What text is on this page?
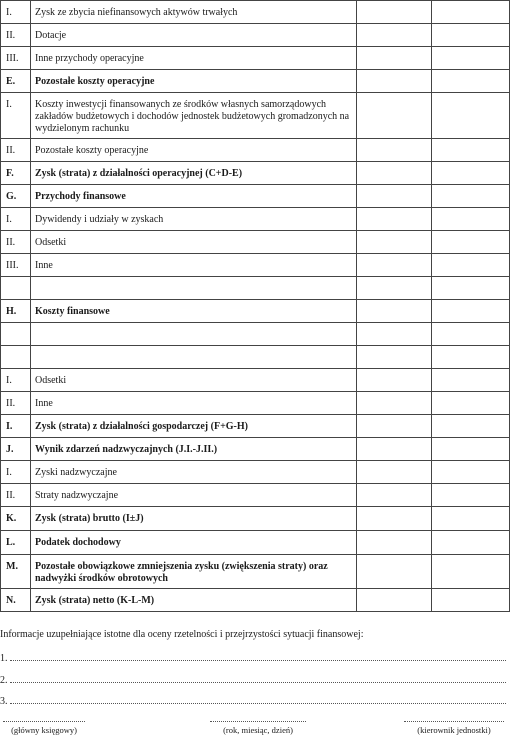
I.	Zysk ze zbycia niefinansowych aktywów trwałych		
II.	Dotacje		
III.	Inne przychody operacyjne		
E.	Pozostałe koszty operacyjne		
I.	Koszty inwestycji finansowanych ze środków własnych samorządowych zakładów budżetowych i dochodów jednostek budżetowych gromadzonych na wydzielonym rachunku		
II.	Pozostałe koszty operacyjne		
F.	Zysk (strata) z działalności operacyjnej (C+D-E)		
G.	Przychody finansowe		
I.	Dywidendy i udziały w zyskach		
II.	Odsetki		
III.	Inne		

H.	Koszty finansowe		

I.	Odsetki		
II.	Inne		
I.	Zysk (strata) z działalności gospodarczej (F+G-H)		
J.	Wynik zdarzeń nadzwyczajnych (J.I.-J.II.)		
I.	Zyski nadzwyczajne		
II.	Straty nadzwyczajne		
K.	Zysk (strata) brutto (I±J)		
L.	Podatek dochodowy		
M.	Pozostałe obowiązkowe zmniejszenia zysku (zwiększenia straty) oraz nadwyżki środków obrotowych		
N.	Zysk (strata) netto (K-L-M)		
Informacje uzupełniające istotne dla oceny rzetelności i przejrzystości sytuacji finansowej:
1.
2.
3.
(główny księgowy)	(rok, miesiąc, dzień)	(kierownik jednostki)
